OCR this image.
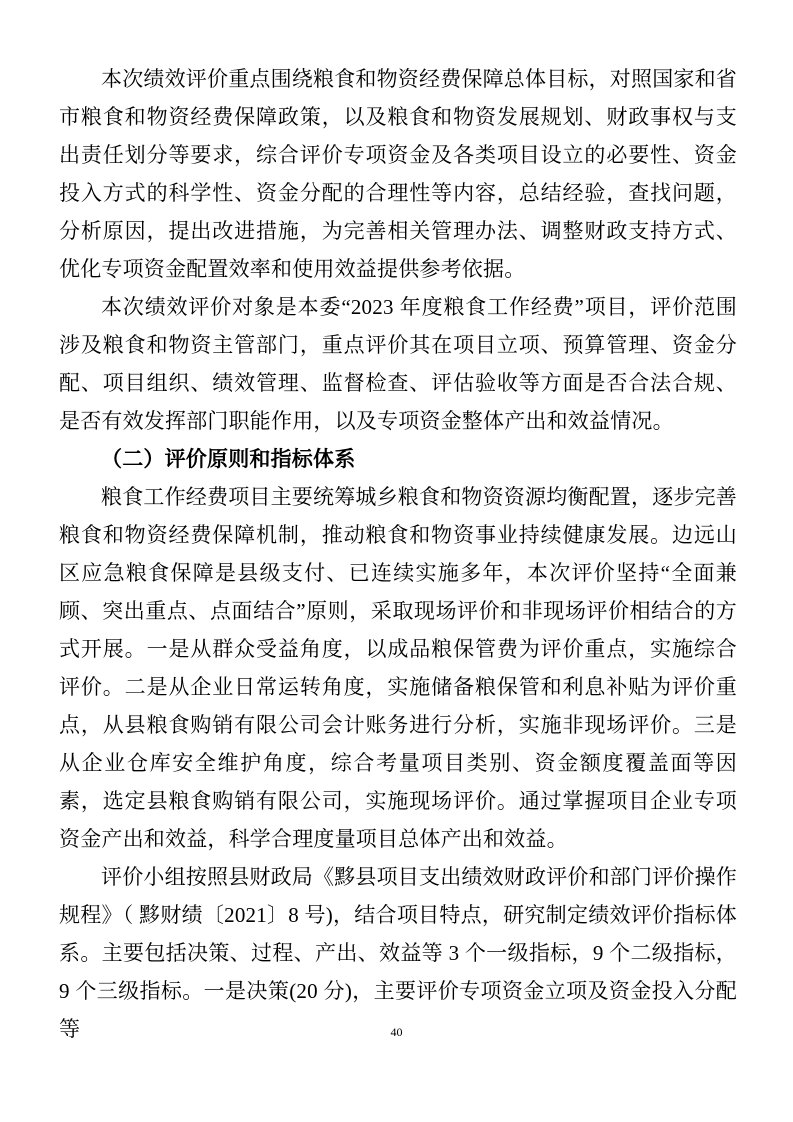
本次绩效评价重点围绕粮食和物资经费保障总体目标，对照国家和省市粮食和物资经费保障政策，以及粮食和物资发展规划、财政事权与支出责任划分等要求，综合评价专项资金及各类项目设立的必要性、资金投入方式的科学性、资金分配的合理性等内容，总结经验，查找问题，分析原因，提出改进措施，为完善相关管理办法、调整财政支持方式、优化专项资金配置效率和使用效益提供参考依据。

本次绩效评价对象是本委“2023 年度粮食工作经费”项目，评价范围涉及粮食和物资主管部门，重点评价其在项目立项、预算管理、资金分配、项目组织、绩效管理、监督检查、评估验收等方面是否合法合规、是否有效发挥部门职能作用，以及专项资金整体产出和效益情况。

（二）评价原则和指标体系

粮食工作经费项目主要统筹城乡粮食和物资资源均衡配置，逐步完善粮食和物资经费保障机制，推动粮食和物资事业持续健康发展。边远山区应急粮食保障是县级支付、已连续实施多年，本次评价坚持“全面兼顾、突出重点、点面结合”原则，采取现场评价和非现场评价相结合的方式开展。一是从群众受益角度，以成品粮保管费为评价重点，实施综合评价。二是从企业日常运转角度，实施储备粮保管和利息补贴为评价重点，从县粮食购销有限公司会计账务进行分析，实施非现场评价。三是从企业仓库安全维护角度，综合考量项目类别、资金额度覆盖面等因素，选定县粮食购销有限公司，实施现场评价。通过掌握项目企业专项资金产出和效益，科学合理度量项目总体产出和效益。

评价小组按照县财政局《黟县项目支出绩效财政评价和部门评价操作规程》（ 黟财绩〔2021〕8 号)，结合项目特点，研究制定绩效评价指标体系。主要包括决策、过程、产出、效益等 3 个一级指标，9 个二级指标，9 个三级指标。一是决策(20 分)，主要评价专项资金立项及资金投入分配等	40
